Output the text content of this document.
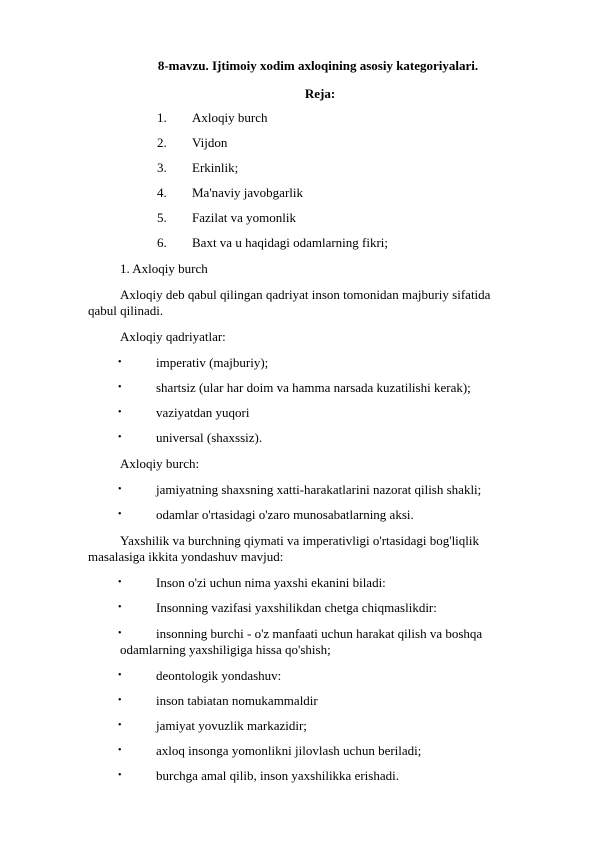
8-mavzu. Ijtimoiy xodim axloqining asosiy kategoriyalari.
Reja:
1. Axloqiy burch
2. Vijdon
3. Erkinlik;
4. Ma'naviy javobgarlik
5. Fazilat va yomonlik
6. Baxt va u haqidagi odamlarning fikri;
1. Axloqiy burch
Axloqiy deb qabul qilingan qadriyat inson tomonidan majburiy sifatida
qabul qilinadi.
Axloqiy qadriyatlar:
•	imperativ (majburiy);
•	shartsiz (ular har doim va hamma narsada kuzatilishi kerak);
•	vaziyatdan yuqori
•	universal (shaxssiz).
Axloqiy burch:
•	jamiyatning shaxsning xatti-harakatlarini nazorat qilish shakli;
•	odamlar o'rtasidagi o'zaro munosabatlarning aksi.
Yaxshilik va burchning qiymati va imperativligi o'rtasidagi bog'liqlik
masalasiga ikkita yondashuv mavjud:
•	Inson o'zi uchun nima yaxshi ekanini biladi:
•	Insonning vazifasi yaxshilikdan chetga chiqmaslikdir:
•	insonning burchi - o'z manfaati uchun harakat qilish va boshqa
odamlarning yaxshiligiga hissa qo'shish;
•	deontologik yondashuv:
•	inson tabiatan nomukammaldir
•	jamiyat yovuzlik markazidir;
•	axloq insonga yomonlikni jilovlash uchun beriladi;
•	burchga amal qilib, inson yaxshilikka erishadi.
